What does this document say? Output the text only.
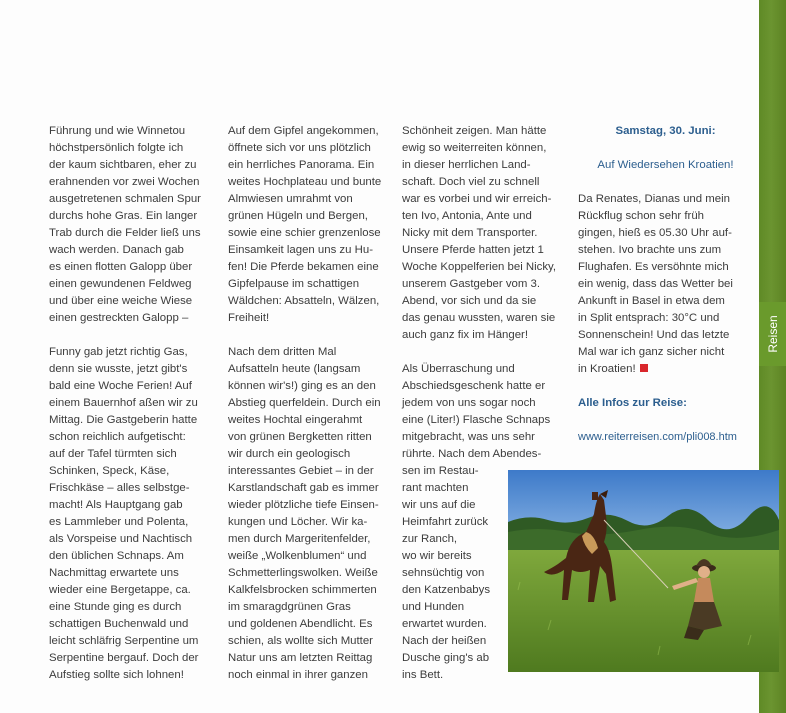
Reisen

Führung und wie Winnetou
höchstpersönlich folgte ich
der kaum sichtbaren, eher zu
erahnenden vor zwei Wochen
ausgetretenen schmalen Spur
durchs hohe Gras. Ein langer
Trab durch die Felder ließ uns
wach werden. Danach gab
es einen flotten Galopp über
einen gewundenen Feldweg
und über eine weiche Wiese
einen gestreckten Galopp –

Funny gab jetzt richtig Gas,
denn sie wusste, jetzt gibt's
bald eine Woche Ferien! Auf
einem Bauernhof aßen wir zu
Mittag. Die Gastgeberin hatte
schon reichlich aufgetischt:
auf der Tafel türmten sich
Schinken, Speck, Käse,
Frischkäse – alles selbstge-
macht! Als Hauptgang gab
es Lammleber und Polenta,
als Vorspeise und Nachtisch
den üblichen Schnaps. Am
Nachmittag erwartete uns
wieder eine Bergetappe, ca.
eine Stunde ging es durch
schattigen Buchenwald und
leicht schläfrig Serpentine um
Serpentine bergauf. Doch der
Aufstieg sollte sich lohnen!

Auf dem Gipfel angekommen,
öffnete sich vor uns plötzlich
ein herrliches Panorama. Ein
weites Hochplateau und bunte
Almwiesen umrahmt von
grünen Hügeln und Bergen,
sowie eine schier grenzenlose
Einsamkeit lagen uns zu Hu-
fen! Die Pferde bekamen eine
Gipfelpause im schattigen
Wäldchen: Absatteln, Wälzen,
Freiheit!

Nach dem dritten Mal
Aufsatteln heute (langsam
können wir's!) ging es an den
Abstieg querfeldein. Durch ein
weites Hochtal eingerahmt
von grünen Bergketten ritten
wir durch ein geologisch
interessantes Gebiet – in der
Karstlandschaft gab es immer
wieder plötzliche tiefe Einsen-
kungen und Löcher. Wir ka-
men durch Margeritenfelder,
weiße „Wolkenblumen“ und
Schmetterlingswolken. Weiße
Kalkfelsbrocken schimmerten
im smaragdgrünen Gras
und goldenen Abendlicht. Es
schien, als wollte sich Mutter
Natur uns am letzten Reittag
noch einmal in ihrer ganzen

Schönheit zeigen. Man hätte
ewig so weiterreiten können,
in dieser herrlichen Land-
schaft. Doch viel zu schnell
war es vorbei und wir erreich-
ten Ivo, Antonia, Ante und
Nicky mit dem Transporter.
Unsere Pferde hatten jetzt 1
Woche Koppelferien bei Nicky,
unserem Gastgeber vom 3.
Abend, vor sich und da sie
das genau wussten, waren sie
auch ganz fix im Hänger!

Als Überraschung und
Abschiedsgeschenk hatte er
jedem von uns sogar noch
eine (Liter!) Flasche Schnaps
mitgebracht, was uns sehr
rührte. Nach dem Abendes-

sen im Restau-
rant machten
wir uns auf die
Heimfahrt zurück
zur Ranch,
wo wir bereits
sehnsüchtig von
den Katzenbabys
und Hunden
erwartet wurden.
Nach der heißen
Dusche ging's ab
ins Bett.

Samstag, 30. Juni:

Auf Wiedersehen Kroatien!

Da Renates, Dianas und mein
Rückflug schon sehr früh
gingen, hieß es 05.30 Uhr auf-
stehen. Ivo brachte uns zum
Flughafen. Es versöhnte mich
ein wenig, dass das Wetter bei
Ankunft in Basel in etwa dem
in Split entsprach: 30°C und
Sonnenschein! Und das letzte
Mal war ich ganz sicher nicht
in Kroatien!

Alle Infos zur Reise:

www.reiterreisen.com/pli008.htm
